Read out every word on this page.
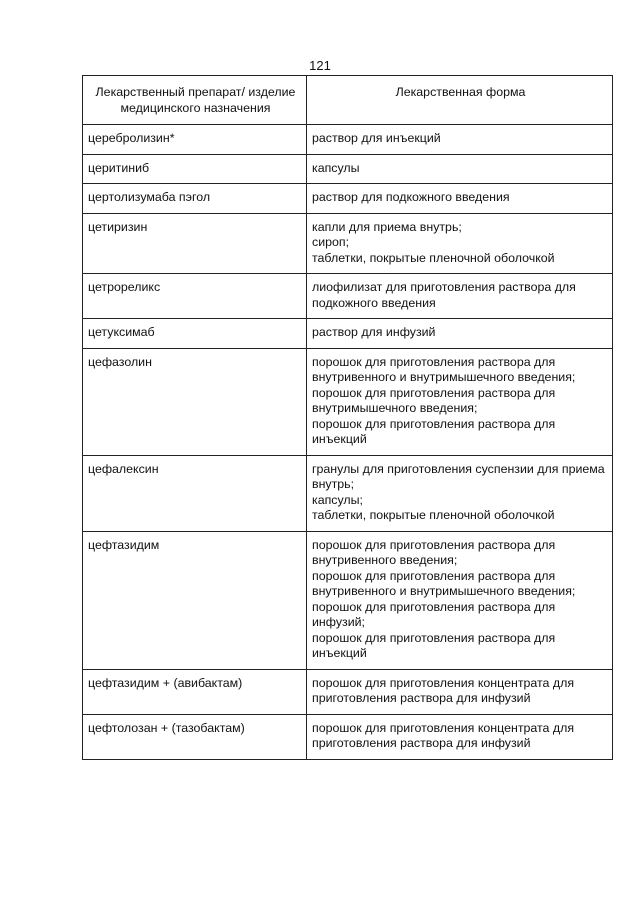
121
Лекарственный препарат/ изделие медицинского назначения	Лекарственная форма
церебролизин*	раствор для инъекций

церитиниб	капсулы

цертолизумаба пэгол	раствор для подкожного введения

цетиризин	капли для приема внутрь;
сироп;
таблетки, покрытые пленочной оболочкой

цетрореликс	лиофилизат для приготовления раствора для подкожного введения

цетуксимаб	раствор для инфузий

цефазолин	порошок для приготовления раствора для внутривенного и внутримышечного введения;
порошок для приготовления раствора для внутримышечного введения;
порошок для приготовления раствора для инъекций

цефалексин	гранулы для приготовления суспензии для приема внутрь;
капсулы;
таблетки, покрытые пленочной оболочкой

цефтазидим	порошок для приготовления раствора для внутривенного введения;
порошок для приготовления раствора для внутривенного и внутримышечного введения;
порошок для приготовления раствора для инфузий;
порошок для приготовления раствора для инъекций

цефтазидим + (авибактам)	порошок для приготовления концентрата для приготовления раствора для инфузий

цефтолозан + (тазобактам)	порошок для приготовления концентрата для приготовления раствора для инфузий
